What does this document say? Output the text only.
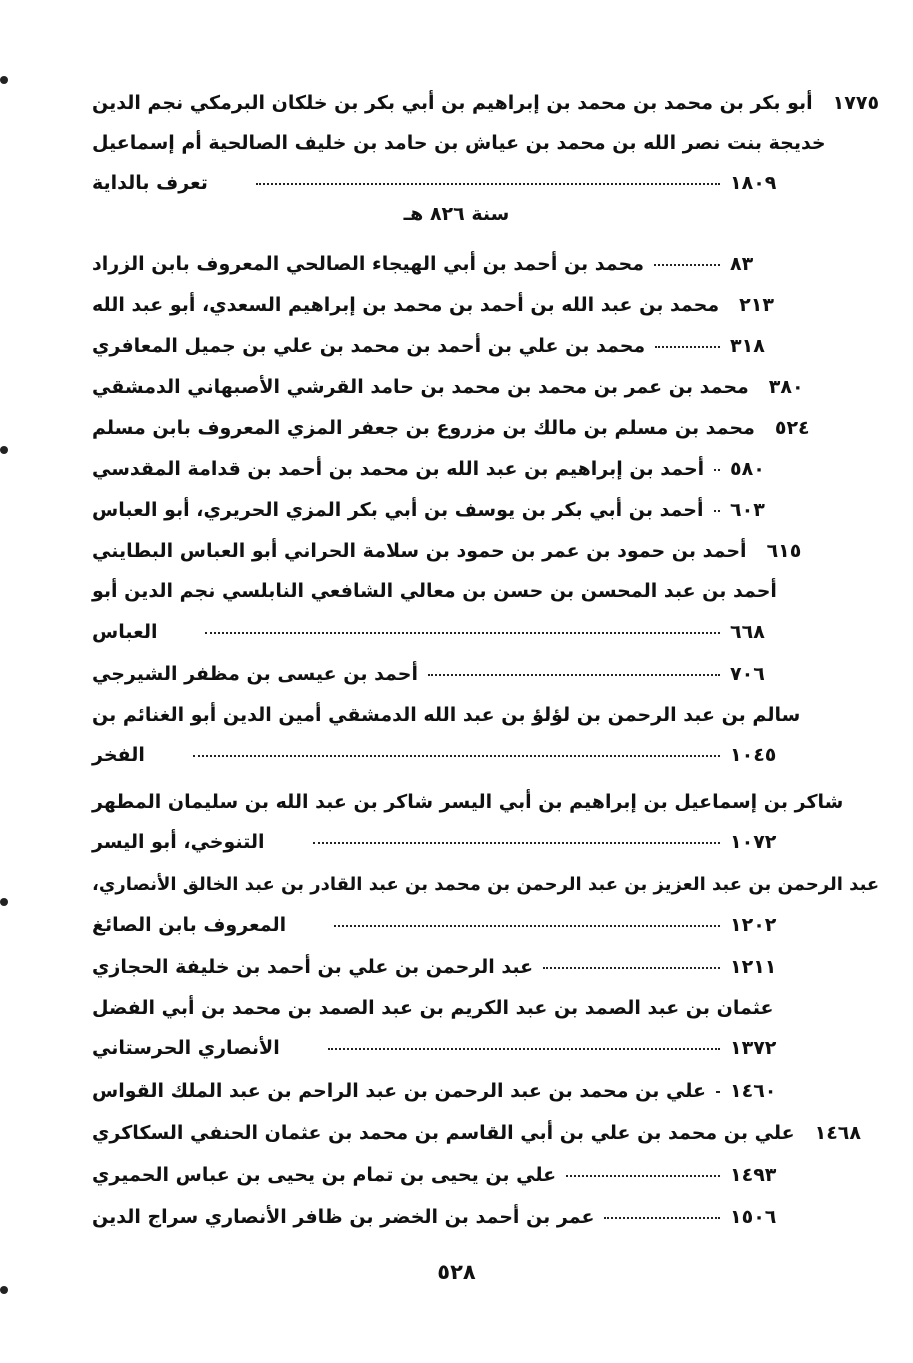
أبو بكر بن محمد بن محمد بن إبراهيم بن أبي بكر بن خلكان البرمكي نجم الدين ١٧٧٥
خديجة بنت نصر الله بن محمد بن عياش بن حامد بن خليف الصالحية أم إسماعيل
تعرف بالداية	١٨٠٩
سنة ٨٢٦ هـ
محمد بن أحمد بن أبي الهيجاء الصالحي المعروف بابن الزراد	٨٣
محمد بن عبد الله بن أحمد بن محمد بن إبراهيم السعدي، أبو عبد الله ٢١٣
محمد بن علي بن أحمد بن محمد بن علي بن جميل المعافري	٣١٨
محمد بن عمر بن محمد بن محمد بن حامد القرشي الأصبهاني الدمشقي ٣٨٠
محمد بن مسلم بن مالك بن مزروع بن جعفر المزي المعروف بابن مسلم ٥٢٤
أحمد بن إبراهيم بن عبد الله بن محمد بن أحمد بن قدامة المقدسي ٥٨٠
أحمد بن أبي بكر بن يوسف بن أبي بكر المزي الحريري، أبو العباس ٦٠٣
أحمد بن حمود بن عمر بن حمود بن سلامة الحراني أبو العباس البطايني ٦١٥
أحمد بن عبد المحسن بن حسن بن معالي الشافعي النابلسي نجم الدين أبو
العباس	٦٦٨
أحمد بن عيسى بن مظفر الشيرجي	٧٠٦
سالم بن عبد الرحمن بن لؤلؤ بن عبد الله الدمشقي أمين الدين أبو الغنائم بن
الفخر	١٠٤٥
شاكر بن إسماعيل بن إبراهيم بن أبي اليسر شاكر بن عبد الله بن سليمان المطهر
التنوخي، أبو اليسر	١٠٧٢
عبد الرحمن بن عبد العزيز بن عبد الرحمن بن محمد بن عبد القادر بن عبد الخالق الأنصاري،
المعروف بابن الصائغ	١٢٠٢
عبد الرحمن بن علي بن أحمد بن خليفة الحجازي	١٢١١
عثمان بن عبد الصمد بن عبد الكريم بن عبد الصمد بن محمد بن أبي الفضل
الأنصاري الحرستاني	١٣٧٢
علي بن محمد بن عبد الرحمن بن عبد الراحم بن عبد الملك القواس ١٤٦٠
علي بن محمد بن علي بن أبي القاسم بن محمد بن عثمان الحنفي السكاكري ١٤٦٨
علي بن يحيى بن تمام بن يحيى بن عباس الحميري	١٤٩٣
عمر بن أحمد بن الخضر بن ظافر الأنصاري سراج الدين	١٥٠٦
٥٢٨
